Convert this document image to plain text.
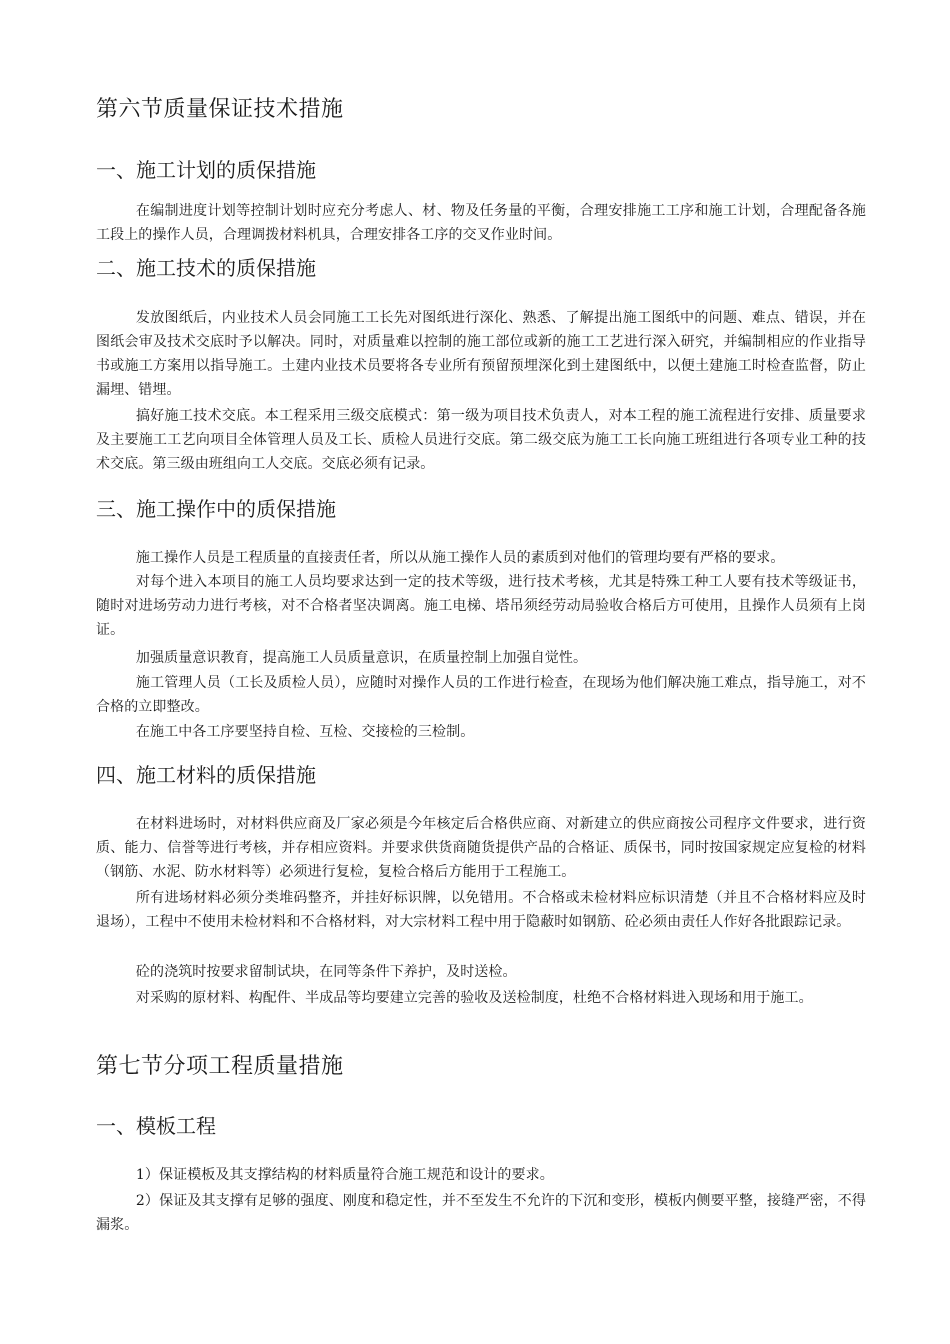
第六节质量保证技术措施
一、施工计划的质保措施

在编制进度计划等控制计划时应充分考虑人、材、物及任务量的平衡，合理安排施工工序和施工计划，合理配备各施工段上的操作人员，合理调拨材料机具，合理安排各工序的交叉作业时间。

二、施工技术的质保措施

发放图纸后，内业技术人员会同施工工长先对图纸进行深化、熟悉、了解提出施工图纸中的问题、难点、错误，并在图纸会审及技术交底时予以解决。同时，对质量难以控制的施工部位或新的施工工艺进行深入研究，并编制相应的作业指导书或施工方案用以指导施工。土建内业技术员要将各专业所有预留预埋深化到土建图纸中，以便土建施工时检查监督，防止漏埋、错埋。

搞好施工技术交底。本工程采用三级交底模式：第一级为项目技术负责人，对本工程的施工流程进行安排、质量要求及主要施工工艺向项目全体管理人员及工长、质检人员进行交底。第二级交底为施工工长向施工班组进行各项专业工种的技术交底。第三级由班组向工人交底。交底必须有记录。

三、施工操作中的质保措施

施工操作人员是工程质量的直接责任者，所以从施工操作人员的素质到对他们的管理均要有严格的要求。

对每个进入本项目的施工人员均要求达到一定的技术等级，进行技术考核，尤其是特殊工种工人要有技术等级证书，随时对进场劳动力进行考核，对不合格者坚决调离。施工电梯、塔吊须经劳动局验收合格后方可使用，且操作人员须有上岗证。

加强质量意识教育，提高施工人员质量意识，在质量控制上加强自觉性。

施工管理人员（工长及质检人员），应随时对操作人员的工作进行检查，在现场为他们解决施工难点，指导施工，对不合格的立即整改。

在施工中各工序要坚持自检、互检、交接检的三检制。

四、施工材料的质保措施

在材料进场时，对材料供应商及厂家必须是今年核定后合格供应商、对新建立的供应商按公司程序文件要求，进行资质、能力、信誉等进行考核，并存相应资料。并要求供货商随货提供产品的合格证、质保书，同时按国家规定应复检的材料（钢筋、水泥、防水材料等）必须进行复检，复检合格后方能用于工程施工。

所有进场材料必须分类堆码整齐，并挂好标识牌，以免错用。不合格或未检材料应标识清楚（并且不合格材料应及时退场），工程中不使用未检材料和不合格材料，对大宗材料工程中用于隐蔽时如钢筋、砼必须由责任人作好各批跟踪记录。

砼的浇筑时按要求留制试块，在同等条件下养护，及时送检。

对采购的原材料、构配件、半成品等均要建立完善的验收及送检制度，杜绝不合格材料进入现场和用于施工。

第七节分项工程质量措施
一、模板工程

1）保证模板及其支撑结构的材料质量符合施工规范和设计的要求。

2）保证及其支撑有足够的强度、刚度和稳定性，并不至发生不允许的下沉和变形，模板内侧要平整，接缝严密，不得漏浆。
